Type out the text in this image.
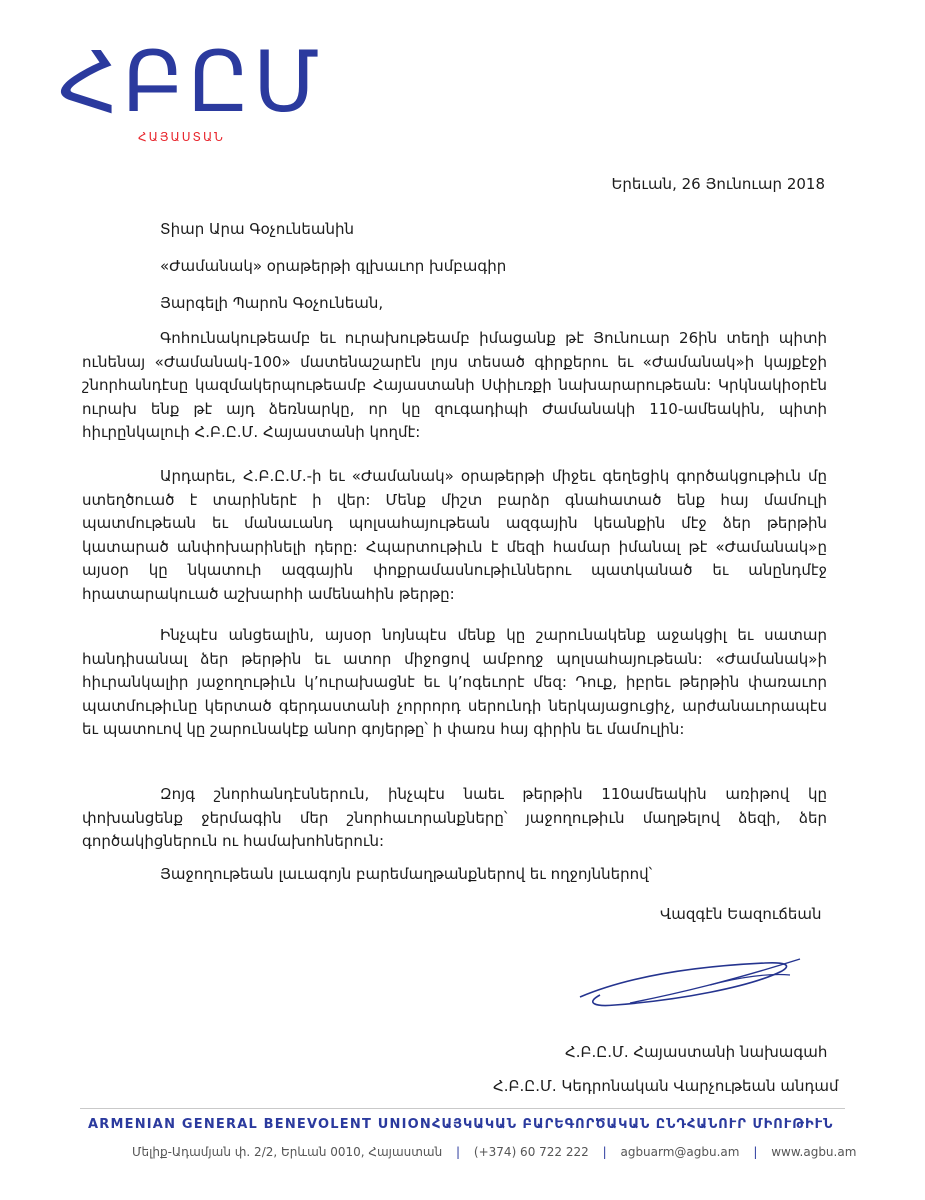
ՀԲԸՄ
ՀԱՅԱՍՏԱՆ
Երեւան, 26 Յունուար 2018
Տիար Արա Գօչունեանին
«Ժամանակ» օրաթերթի գլխաւոր խմբագիր
Յարգելի Պարոն Գօչունեան,
Գոհունակութեամբ եւ ուրախութեամբ իմացանք թէ Յունուար 26ին տեղի պիտի ունենայ «Ժամանակ-100» մատենաշարէն լոյս տեսած գիրքերու եւ «Ժամանակ»ի կայքէջի շնորհանդէսը կազմակերպութեամբ Հայաստանի Սփիւռքի նախարարութեան: Կրկնակիօրէն ուրախ ենք թէ այդ ձեռնարկը, որ կը զուգադիպի Ժամանակի 110-ամեակին, պիտի հիւրընկալուի Հ.Բ.Ը.Մ. Հայաստանի կողմէ:
Արդարեւ, Հ.Բ.Ը.Մ.-ի եւ «Ժամանակ» օրաթերթի միջեւ գեղեցիկ գործակցութիւն մը ստեղծուած է տարիներէ ի վեր: Մենք միշտ բարձր գնահատած ենք հայ մամուլի պատմութեան եւ մանաւանդ պոլսահայութեան ազգային կեանքին մէջ ձեր թերթին կատարած անփոխարինելի դերը: Հպարտութիւն է մեզի համար իմանալ թէ «Ժամանակ»ը այսօր կը նկատուի ազգային փոքրամասնութիւններու պատկանած եւ անընդմէջ հրատարակուած աշխարհի ամենահին թերթը:
Ինչպէս անցեալին, այսօր նոյնպէս մենք կը շարունակենք աջակցիլ եւ սատար հանդիսանալ ձեր թերթին եւ ատոր միջոցով ամբողջ պոլսահայութեան: «Ժամանակ»ի հիւրանկալիր յաջողութիւն կ՚ուրախացնէ եւ կ՚ոգեւորէ մեզ: Դուք, իբրեւ թերթին փառաւոր պատմութիւնը կերտած գերդաստանի չորրորդ սերունդի ներկայացուցիչ, արժանաւորապէս եւ պատուով կը շարունակէք անոր գոյերթը՝ ի փառս հայ գիրին եւ մամուլին:
Զոյգ շնորհանդէսներուն, ինչպէս նաեւ թերթին 110ամեակին առիթով կը փոխանցենք ջերմագին մեր շնորհաւորանքները՝ յաջողութիւն մաղթելով ձեզի, ձեր գործակիցներուն ու համախոհներուն:
Յաջողութեան լաւագոյն բարեմաղթանքներով եւ ողջոյններով՝
Վազգէն Եազուճեան
Հ.Բ.Ը.Մ. Հայաստանի նախագահ
Հ.Բ.Ը.Մ. Կեդրոնական Վարչութեան անդամ
ARMENIAN GENERAL BENEVOLENT UNION ՀԱՅԿԱԿԱՆ ԲԱՐԵԳՈՐԾԱԿԱՆ ԸՆԴՀԱՆՈՒՐ ՄԻՈՒԹԻՒՆ
Մելիք-Ադամյան փ. 2/2, Երևան 0010, Հայաստան | (+374) 60 722 222 | agbuarm@agbu.am | www.agbu.am
